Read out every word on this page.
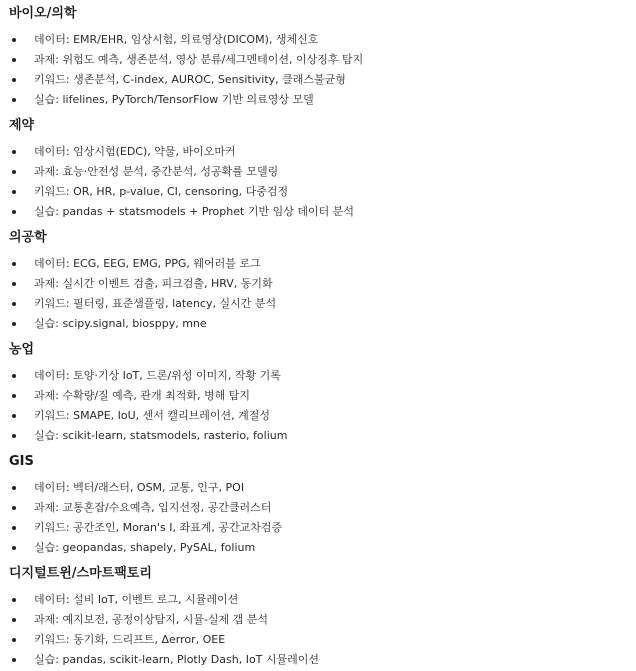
바이오/의학
데이터: EMR/EHR, 임상시험, 의료영상(DICOM), 생체신호
과제: 위험도 예측, 생존분석, 영상 분류/세그멘테이션, 이상징후 탐지
키워드: 생존분석, C-index, AUROC, Sensitivity, 클래스불균형
실습: lifelines, PyTorch/TensorFlow 기반 의료영상 모델
제약
데이터: 임상시험(EDC), 약물, 바이오마커
과제: 효능·안전성 분석, 중간분석, 성공확률 모델링
키워드: OR, HR, p-value, CI, censoring, 다중검정
실습: pandas + statsmodels + Prophet 기반 임상 데이터 분석
의공학
데이터: ECG, EEG, EMG, PPG, 웨어러블 로그
과제: 실시간 이벤트 검출, 피크검출, HRV, 동기화
키워드: 필터링, 표준샘플링, latency, 실시간 분석
실습: scipy.signal, biosppy, mne
농업
데이터: 토양·기상 IoT, 드론/위성 이미지, 작황 기록
과제: 수확량/질 예측, 관개 최적화, 병해 탐지
키워드: SMAPE, IoU, 센서 캘리브레이션, 계절성
실습: scikit-learn, statsmodels, rasterio, folium
GIS
데이터: 벡터/래스터, OSM, 교통, 인구, POI
과제: 교통혼잡/수요예측, 입지선정, 공간클러스터
키워드: 공간조인, Moran's I, 좌표계, 공간교차검증
실습: geopandas, shapely, PySAL, folium
디지털트윈/스마트팩토리
데이터: 설비 IoT, 이벤트 로그, 시뮬레이션
과제: 예지보전, 공정이상탐지, 시뮬-실제 갭 분석
키워드: 동기화, 드리프트, Δerror, OEE
실습: pandas, scikit-learn, Plotly Dash, IoT 시뮬레이션
